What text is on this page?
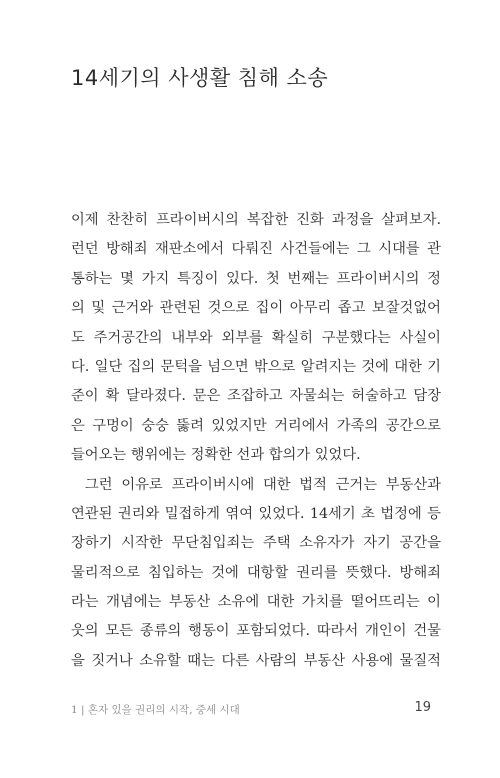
14세기의 사생활 침해 소송
이제 찬찬히 프라이버시의 복잡한 진화 과정을 살펴보자.
런던 방해죄 재판소에서 다뤄진 사건들에는 그 시대를 관
통하는 몇 가지 특징이 있다. 첫 번째는 프라이버시의 정
의 및 근거와 관련된 것으로 집이 아무리 좁고 보잘것없어
도 주거공간의 내부와 외부를 확실히 구분했다는 사실이
다. 일단 집의 문턱을 넘으면 밖으로 알려지는 것에 대한 기
준이 확 달라졌다. 문은 조잡하고 자물쇠는 허술하고 담장
은 구멍이 숭숭 뚫려 있었지만 거리에서 가족의 공간으로
들어오는 행위에는 정확한 선과 합의가 있었다.
그런 이유로 프라이버시에 대한 법적 근거는 부동산과
연관된 권리와 밀접하게 엮여 있었다. 14세기 초 법정에 등
장하기 시작한 무단침입죄는 주택 소유자가 자기 공간을
물리적으로 침입하는 것에 대항할 권리를 뜻했다. 방해죄
라는 개념에는 부동산 소유에 대한 가치를 떨어뜨리는 이
웃의 모든 종류의 행동이 포함되었다. 따라서 개인이 건물
을 짓거나 소유할 때는 다른 사람의 부동산 사용에 물질적
1 | 혼자 있을 권리의 시작, 중세 시대	19
